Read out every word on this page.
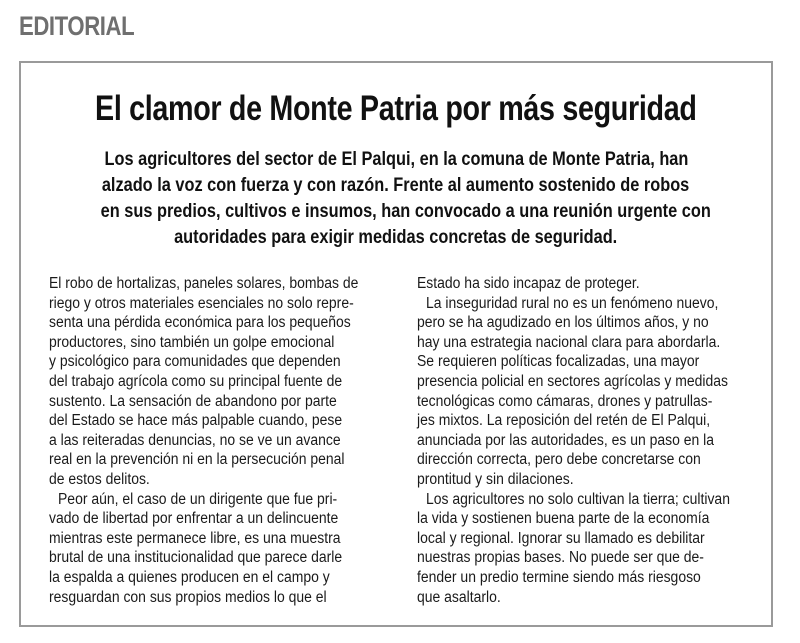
EDITORIAL
El clamor de Monte Patria por más seguridad
Los agricultores del sector de El Palqui, en la comuna de Monte Patria, han
alzado la voz con fuerza y con razón. Frente al aumento sostenido de robos
en sus predios, cultivos e insumos, han convocado a una reunión urgente con
autoridades para exigir medidas concretas de seguridad.
El robo de hortalizas, paneles solares, bombas de
riego y otros materiales esenciales no solo repre-
senta una pérdida económica para los pequeños
productores, sino también un golpe emocional
y psicológico para comunidades que dependen
del trabajo agrícola como su principal fuente de
sustento. La sensación de abandono por parte
del Estado se hace más palpable cuando, pese
a las reiteradas denuncias, no se ve un avance
real en la prevención ni en la persecución penal
de estos delitos.
Peor aún, el caso de un dirigente que fue pri-
vado de libertad por enfrentar a un delincuente
mientras este permanece libre, es una muestra
brutal de una institucionalidad que parece darle
la espalda a quienes producen en el campo y
resguardan con sus propios medios lo que el
Estado ha sido incapaz de proteger.
La inseguridad rural no es un fenómeno nuevo,
pero se ha agudizado en los últimos años, y no
hay una estrategia nacional clara para abordarla.
Se requieren políticas focalizadas, una mayor
presencia policial en sectores agrícolas y medidas
tecnológicas como cámaras, drones y patrullas-
jes mixtos. La reposición del retén de El Palqui,
anunciada por las autoridades, es un paso en la
dirección correcta, pero debe concretarse con
prontitud y sin dilaciones.
Los agricultores no solo cultivan la tierra; cultivan
la vida y sostienen buena parte de la economía
local y regional. Ignorar su llamado es debilitar
nuestras propias bases. No puede ser que de-
fender un predio termine siendo más riesgoso
que asaltarlo.
